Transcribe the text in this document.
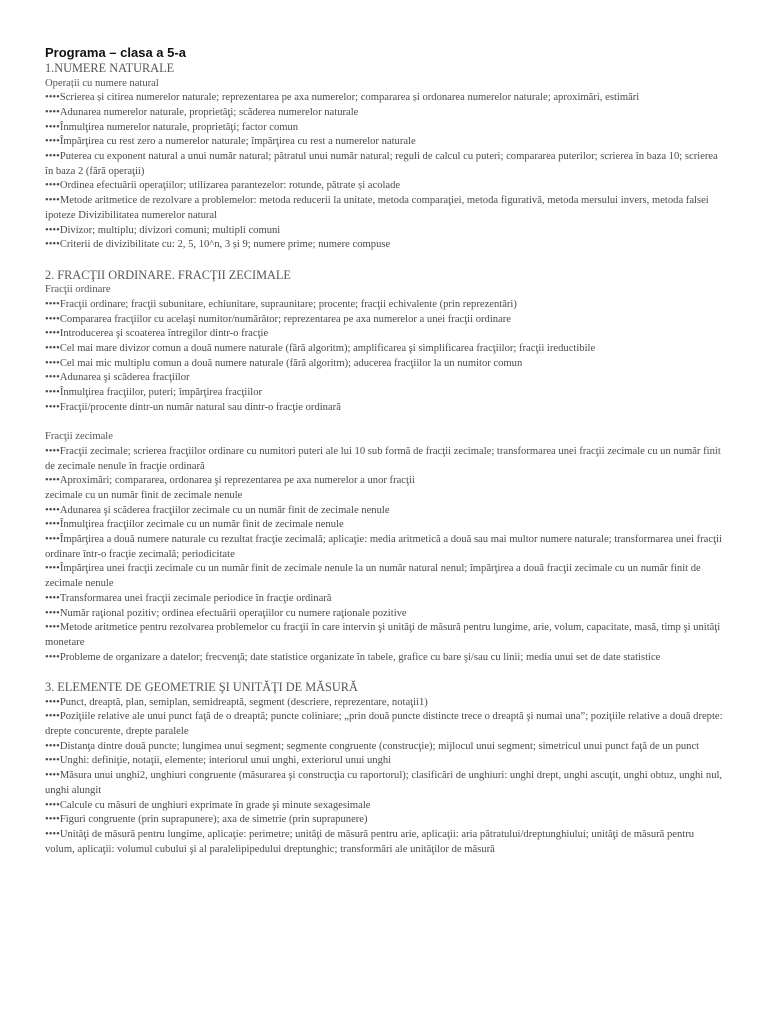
Programa – clasa a 5-a
1.NUMERE NATURALE
Operații cu numere natural
••••Scrierea și citirea numerelor naturale; reprezentarea pe axa numerelor; compararea și ordonarea numerelor naturale; aproximări, estimări
••••Adunarea numerelor naturale, proprietăţi; scăderea numerelor naturale
••••Înmulţirea numerelor naturale, proprietăţi; factor comun
••••Împărţirea cu rest zero a numerelor naturale; împărţirea cu rest a numerelor naturale
••••Puterea cu exponent natural a unui număr natural; pătratul unui număr natural; reguli de calcul cu puteri; compararea puterilor; scrierea în baza 10; scrierea în baza 2 (fără operaţii)
••••Ordinea efectuării operaţiilor; utilizarea parantezelor: rotunde, pătrate și acolade
••••Metode aritmetice de rezolvare a problemelor: metoda reducerii la unitate, metoda comparaţiei, metoda figurativă, metoda mersului invers, metoda falsei ipoteze Divizibilitatea numerelor natural
••••Divizor; multiplu; divizori comuni; multipli comuni
••••Criterii de divizibilitate cu: 2, 5, 10^n, 3 și 9; numere prime; numere compuse
2. FRACŢII ORDINARE. FRACŢII ZECIMALE
Fracţii ordinare
••••Fracţii ordinare; fracţii subunitare, echiunitare, supraunitare; procente; fracţii echivalente (prin reprezentări)
••••Compararea fracţiilor cu acelaşi numitor/numărător; reprezentarea pe axa numerelor a unei fracţii ordinare
••••Introducerea şi scoaterea întregilor dintr-o fracţie
••••Cel mai mare divizor comun a două numere naturale (fără algoritm); amplificarea şi simplificarea fracţiilor; fracţii ireductibile
••••Cel mai mic multiplu comun a două numere naturale (fără algoritm); aducerea fracţiilor la un numitor comun
••••Adunarea şi scăderea fracţiilor
••••Înmulţirea fracţiilor, puteri; împărţirea fracţiilor
••••Fracţii/procente dintr-un număr natural sau dintr-o fracţie ordinară
Fracţii zecimale
••••Fracţii zecimale; scrierea fracţiilor ordinare cu numitori puteri ale lui 10 sub formă de fracţii zecimale; transformarea unei fracţii zecimale cu un număr finit de zecimale nenule în fracţie ordinară
••••Aproximări; compararea, ordonarea şi reprezentarea pe axa numerelor a unor fracţii
zecimale cu un număr finit de zecimale nenule
••••Adunarea şi scăderea fracţiilor zecimale cu un număr finit de zecimale nenule
••••Înmulţirea fracţiilor zecimale cu un număr finit de zecimale nenule
••••Împărţirea a două numere naturale cu rezultat fracţie zecimală; aplicaţie: media aritmetică a două sau mai multor numere naturale; transformarea unei fracţii ordinare într-o fracţie zecimală; periodicitate
••••Împărţirea unei fracţii zecimale cu un număr finit de zecimale nenule la un număr natural nenul; împărţirea a două fracţii zecimale cu un număr finit de zecimale nenule
••••Transformarea unei fracţii zecimale periodice în fracţie ordinară
••••Număr raţional pozitiv; ordinea efectuării operaţiilor cu numere raţionale pozitive
••••Metode aritmetice pentru rezolvarea problemelor cu fracţii în care intervin şi unităţi de măsură pentru lungime, arie, volum, capacitate, masă, timp şi unităţi monetare
••••Probleme de organizare a datelor; frecvenţă; date statistice organizate în tabele, grafice cu bare şi/sau cu linii; media unui set de date statistice
3. ELEMENTE DE GEOMETRIE ŞI UNITĂŢI DE MĂSURĂ
••••Punct, dreaptă, plan, semiplan, semidreaptă, segment (descriere, reprezentare, notaţii1)
••••Poziţiile relative ale unui punct faţă de o dreaptă; puncte coliniare; „prin două puncte distincte trece o dreaptă şi numai una”; poziţiile relative a două drepte: drepte concurente, drepte paralele
••••Distanţa dintre două puncte; lungimea unui segment; segmente congruente (construcţie); mijlocul unui segment; simetricul unui punct faţă de un punct
••••Unghi: definiţie, notaţii, elemente; interiorul unui unghi, exteriorul unui unghi
••••Măsura unui unghi2, unghiuri congruente (măsurarea şi construcţia cu raportorul); clasificări de unghiuri: unghi drept, unghi ascuţit, unghi obtuz, unghi nul, unghi alungit
••••Calcule cu măsuri de unghiuri exprimate în grade şi minute sexagesimale
••••Figuri congruente (prin suprapunere); axa de simetrie (prin suprapunere)
••••Unităţi de măsură pentru lungime, aplicaţie: perimetre; unităţi de măsură pentru arie, aplicaţii: aria pătratului/dreptunghiului; unităţi de măsură pentru volum, aplicaţii: volumul cubului şi al paralelipipedului dreptunghic; transformări ale unităţilor de măsură
